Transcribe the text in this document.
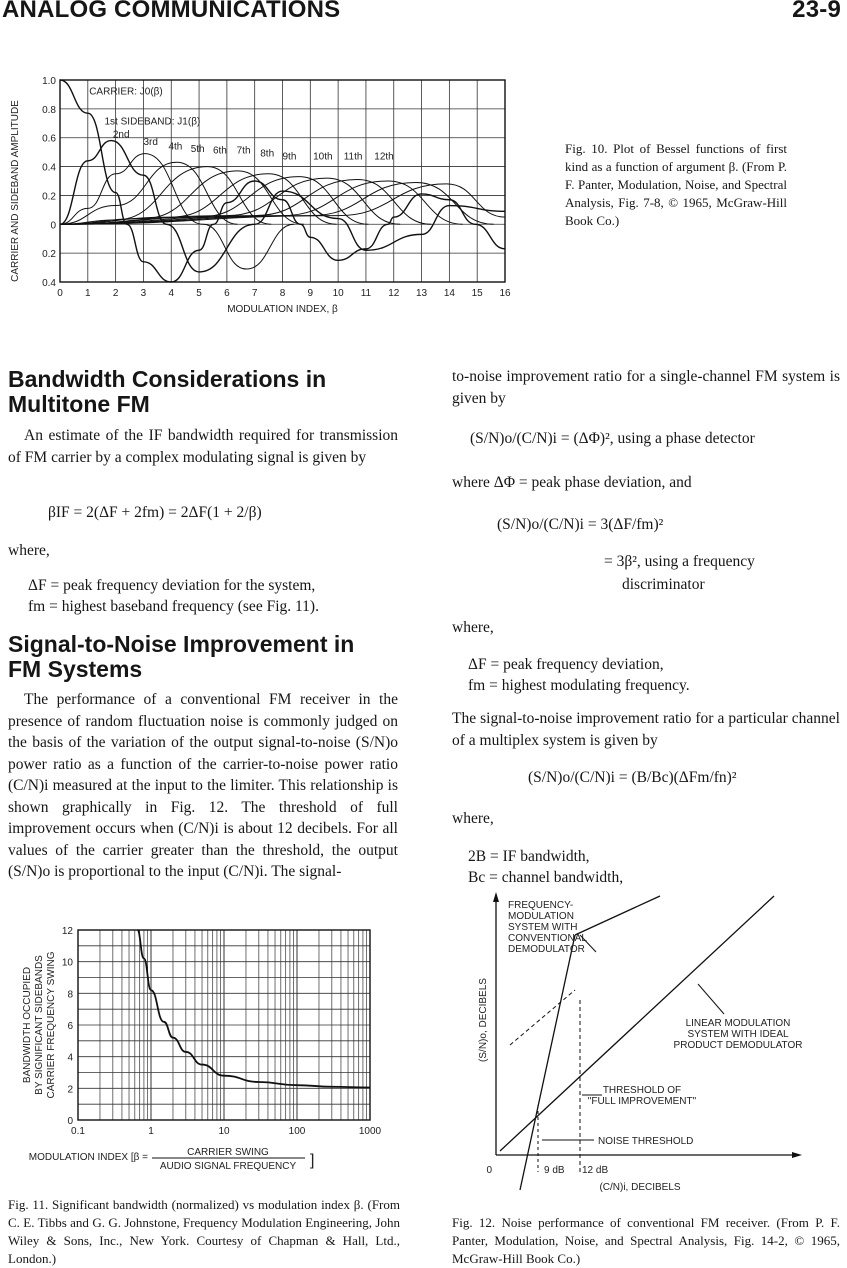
ANALOG COMMUNICATIONS	23-9
1.0
0.8
0.6
0.4
0.2
0
0.2
0.4
0 1 2 3 4 5 6 7 8 9 10 11 12 13 14 15 16
MODULATION INDEX, β
CARRIER AND SIDEBAND AMPLITUDE
CARRIER: J0(β)
1st SIDEBAND: J1(β)
2nd
3rd 4th 5th 6th 7th 8th 9th 10th 11th 12th
Fig. 10. Plot of Bessel functions of first kind as a function of argument β. (From P. F. Panter, Modulation, Noise, and Spectral Analysis, Fig. 7-8, © 1965, McGraw-Hill Book Co.)
Bandwidth Considerations in Multitone FM
An estimate of the IF bandwidth required for transmission of FM carrier by a complex modulating signal is given by
βIF = 2(ΔF + 2fm) = 2ΔF(1 + 2/β)
where,
ΔF = peak frequency deviation for the system,
fm = highest baseband frequency (see Fig. 11).
Signal-to-Noise Improvement in FM Systems
The performance of a conventional FM receiver in the presence of random fluctuation noise is commonly judged on the basis of the variation of the output signal-to-noise (S/N)o power ratio as a function of the carrier-to-noise power ratio (C/N)i measured at the input to the limiter. This relationship is shown graphically in Fig. 12. The threshold of full improvement occurs when (C/N)i is about 12 decibels. For all values of the carrier greater than the threshold, the output (S/N)o is proportional to the input (C/N)i. The signal-
12
10
8
6
4
2
0
0.1	1	10	100	1000
BANDWIDTH OCCUPIED BY SIGNIFICANT SIDEBANDS CARRIER FREQUENCY SWING
MODULATION INDEX [β =	CARRIER SWING
AUDIO SIGNAL FREQUENCY ]
Fig. 11. Significant bandwidth (normalized) vs modulation index β. (From C. E. Tibbs and G. G. Johnstone, Frequency Modulation Engineering, John Wiley & Sons, Inc., New York. Courtesy of Chapman & Hall, Ltd., London.)
to-noise improvement ratio for a single-channel FM system is given by
(S/N)o/(C/N)i = (ΔΦ)², using a phase detector
where ΔΦ = peak phase deviation, and
(S/N)o/(C/N)i = 3(ΔF/fm)²
= 3β², using a frequency
discriminator
where,
ΔF = peak frequency deviation,
fm = highest modulating frequency.
The signal-to-noise improvement ratio for a particular channel of a multiplex system is given by
(S/N)o/(C/N)i = (B/Bc)(ΔFm/fn)²
where,
2B = IF bandwidth,
Bc = channel bandwidth,
FREQUENCY-
MODULATION
SYSTEM WITH
CONVENTIONAL
DEMODULATOR
LINEAR MODULATION
SYSTEM WITH IDEAL
PRODUCT DEMODULATOR
THRESHOLD OF
"FULL IMPROVEMENT"
NOISE THRESHOLD
0	9 dB 12 dB
(C/N)i, DECIBELS
(S/N)o, DECIBELS
Fig. 12. Noise performance of conventional FM receiver. (From P. F. Panter, Modulation, Noise, and Spectral Analysis, Fig. 14-2, © 1965, McGraw-Hill Book Co.)
